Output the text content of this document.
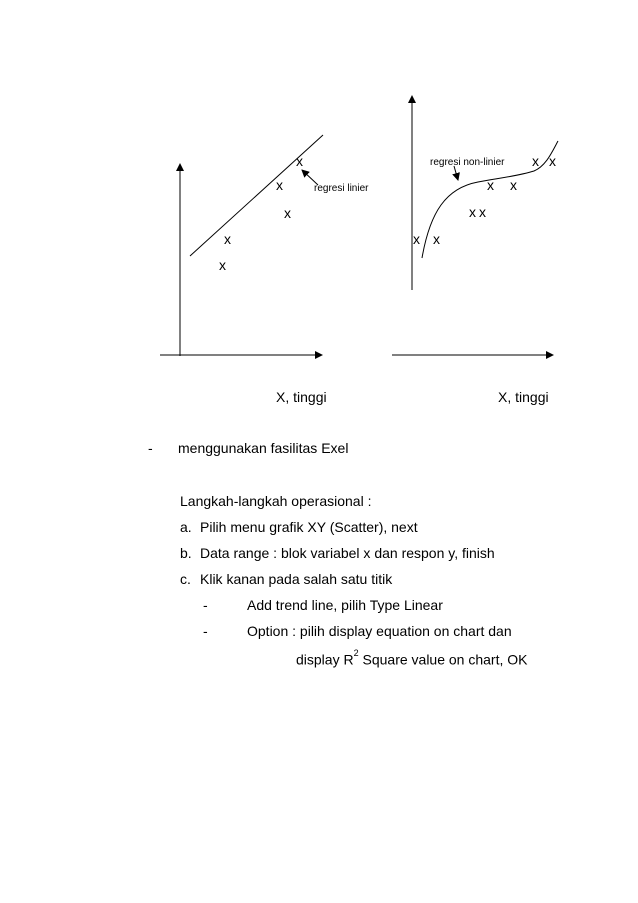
x
x
x
x
x
regresi linier
x x
x x
x x
x x
regresi non-linier
X, tinggi	X, tinggi
- menggunakan fasilitas Exel
Langkah-langkah operasional :
a. Pilih menu grafik XY (Scatter), next
b. Data range : blok variabel x dan respon y, finish
c. Klik kanan pada salah satu titik
-	Add trend line, pilih Type Linear
-	Option : pilih display equation on chart dan
display $R^2$ Square value on chart, OK
